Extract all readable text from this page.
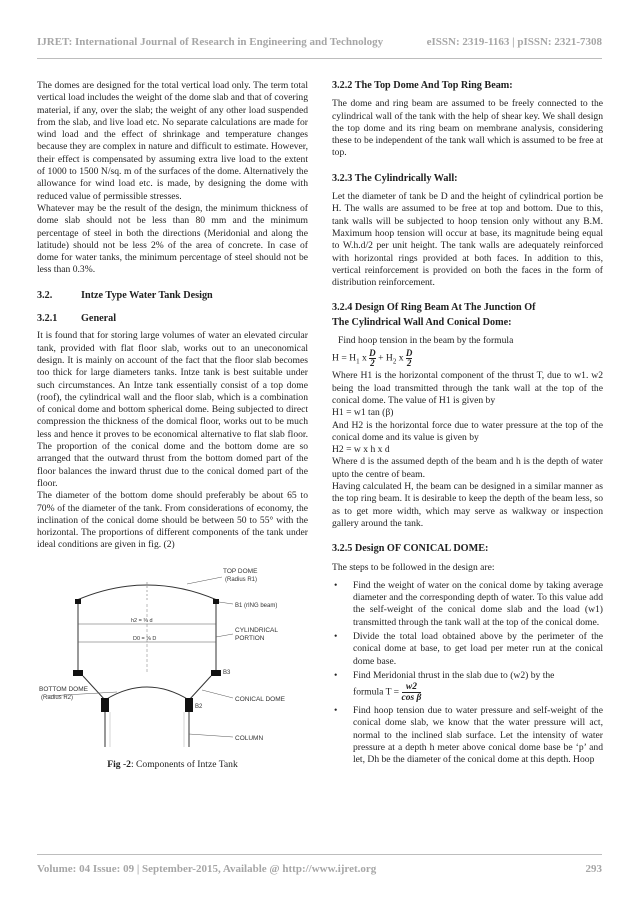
IJRET: International Journal of Research in Engineering and Technology	eISSN: 2319-1163 | pISSN: 2321-7308

The domes are designed for the total vertical load only. The term total vertical load includes the weight of the dome slab and that of covering material, if any, over the slab; the weight of any other load suspended from the slab, and live load etc. No separate calculations are made for wind load and the effect of shrinkage and temperature changes because they are complex in nature and difficult to estimate. However, their effect is compensated by assuming extra live load to the extent of 1000 to 1500 N/sq. m of the surfaces of the dome. Alternatively the allowance for wind load etc. is made, by designing the dome with reduced value of permissible stresses.

Whatever may be the result of the design, the minimum thickness of dome slab should not be less than 80 mm and the minimum percentage of steel in both the directions (Meridonial and along the latitude) should not be less 2% of the area of concrete. In case of dome for water tanks, the minimum percentage of steel should not be less than 0.3%.

3.2.	Intze Type Water Tank Design
3.2.1 General

It is found that for storing large volumes of water an elevated circular tank, provided with flat floor slab, works out to an uneconomical design. It is mainly on account of the fact that the floor slab becomes too thick for large diameters tanks. Intze tank is best suitable under such circumstances. An Intze tank essentially consist of a top dome (roof), the cylindrical wall and the floor slab, which is a combination of conical dome and bottom spherical dome. Being subjected to direct compression the thickness of the domical floor, works out to be much less and hence it proves to be economical alternative to flat slab floor. The proportion of the conical dome and the bottom dome are so arranged that the outward thrust from the bottom domed part of the floor balances the inward thrust due to the conical domed part of the floor.

The diameter of the bottom dome should preferably be about 65 to 70% of the diameter of the tank. From considerations of economy, the inclination of the conical dome should be between 50 to 55° with the horizontal. The proportions of different components of the tank under ideal conditions are given in fig. (2)

TOP DOME
(Radius R1)
B1 (rING beam)
CYLINDRICAL
PORTION
BOTTOM DOME
(Radius R2)
B3
B2
CONICAL DOME
COLUMN
h2 = ¾ d
D0 = ⅝ D
Fig -2: Components of Intze Tank
3.2.2 The Top Dome And Top Ring Beam:

The dome and ring beam are assumed to be freely connected to the cylindrical wall of the tank with the help of shear key. We shall design the top dome and its ring beam on membrane analysis, considering these to be independent of the tank wall which is assumed to be free at top.

3.2.3 The Cylindrically Wall:

Let the diameter of tank be D and the height of cylindrical portion be H. The walls are assumed to be free at top and bottom. Due to this, tank walls will be subjected to hoop tension only without any B.M. Maximum hoop tension will occur at base, its magnitude being equal to W.h.d/2 per unit height. The tank walls are adequately reinforced with horizontal rings provided at both faces. In addition to this, vertical reinforcement is provided on both the faces in the form of distribution reinforcement.

3.2.4 Design Of Ring Beam At The Junction Of
The Cylindrical Wall And Conical Dome:

Find hoop tension in the beam by the formula

$H = H_1$ x $\frac{D}{2} + H_2$ x $\frac{D}{2}$

Where H1 is the horizontal component of the thrust T, due to w1. w2 being the load transmitted through the tank wall at the top of the conical dome. The value of H1 is given by

H1 = w1 tan (β)

And H2 is the horizontal force due to water pressure at the top of the conical dome and its value is given by

H2 = w x h x d

Where d is the assumed depth of the beam and h is the depth of water upto the centre of beam.

Having calculated H, the beam can be designed in a similar manner as the top ring beam. It is desirable to keep the depth of the beam less, so as to get more width, which may serve as walkway or inspection gallery around the tank.

3.2.5 Design OF CONICAL DOME:

The steps to be followed in the design are:

• Find the weight of water on the conical dome by taking average diameter and the corresponding depth of water. To this value add the self-weight of the conical dome slab and the load (w1) transmitted through the tank wall at the top of the conical dome.
• Divide the total load obtained above by the perimeter of the conical dome at base, to get load per meter run at the conical dome base.
• Find Meridonial thrust in the slab due to (w2) by the
formula $T = \frac{w2}{\text{cos β}}$
• Find hoop tension due to water pressure and self-weight of the conical dome slab, we know that the water pressure will act, normal to the inclined slab surface. Let the intensity of water pressure at a depth h meter above conical dome base be ‘p’ and let, Dh be the diameter of the conical dome at this depth. Hoop
Volume: 04 Issue: 09 | September-2015, Available @ http://www.ijret.org	293
